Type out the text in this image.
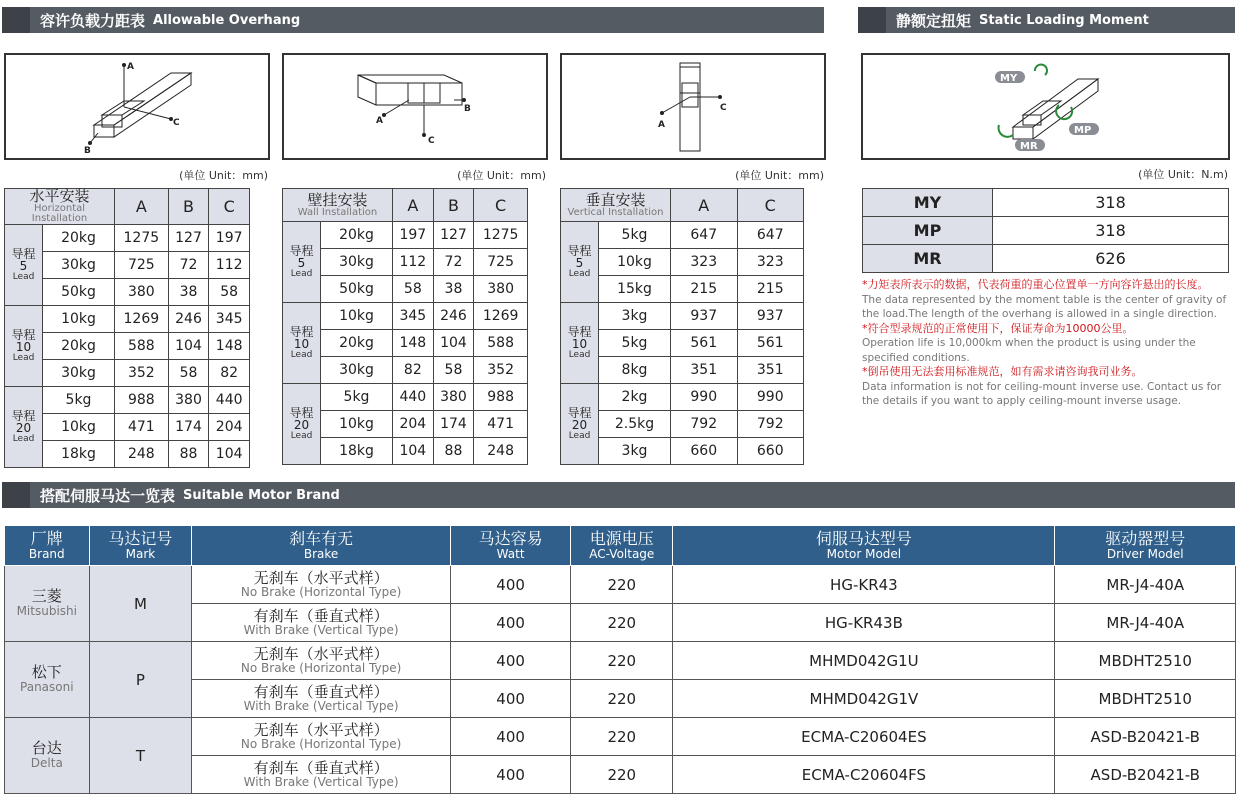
容许负载力距表 Allowable Overhang	静额定扭矩 Static Loading Moment
搭配伺服马达一览表 Suitable Motor Brand
A
C
B
A
C
B
A
C
MY
MP
MR
(单位 Unit：mm)	(单位 Unit：mm)	(单位 Unit：mm)	(单位 Unit：N.m)
水平安装
Horizontal Installation		A	B	C

导程
5
Lead	20kg	1275	127	197
	30kg	725	72	112
	50kg	380	38	58

导程
10
Lead	10kg	1269	246	345
	20kg	588	104	148
	30kg	352	58	82

导程
20
Lead	5kg	988	380	440
	10kg	471	174	204
	18kg	248	88	104
壁挂安装
Wall Installation		A	B	C

导程
5
Lead	20kg	197	127	1275
	30kg	112	72	725
	50kg	58	38	380

导程
10
Lead	10kg	345	246	1269
	20kg	148	104	588
	30kg	82	58	352

导程
20
Lead	5kg	440	380	988
	10kg	204	174	471
	18kg	104	88	248
垂直安装
Vertical Installation		A	C

导程
5
Lead	5kg	647	647
	10kg	323	323
	15kg	215	215

导程
10
Lead	3kg	937	937
	5kg	561	561
	8kg	351	351

导程
20
Lead	2kg	990	990
	2.5kg	792	792
	3kg	660	660
MY	318
MP	318
MR	626
*力矩表所表示的数据，代表荷重的重心位置单一方向容许悬出的长度。
The data represented by the moment table is the center of gravity of the load.The length of the overhang is allowed in a single direction.
*符合型录规范的正常使用下，保证寿命为10000公里。
Operation life is 10,000km when the product is using under the specified conditions.
*倒吊使用无法套用标准规范，如有需求请咨询我司业务。
Data information is not for ceiling-mount inverse use. Contact us for the details if you want to apply ceiling-mount inverse usage.
厂牌
Brand	马达记号
Mark	刹车有无
Brake	马达容易
Watt	电源电压
AC-Voltage	伺服马达型号
Motor Model	驱动器型号
Driver Model

三菱
Mitsubishi	M	无刹车（水平式样）
No Brake (Horizontal Type)	400	220	HG-KR43	MR-J4-40A

		有刹车（垂直式样）
With Brake (Vertical Type)	400	220	HG-KR43B	MR-J4-40A

松下
Panasoni	P	无刹车（水平式样）
No Brake (Horizontal Type)	400	220	MHMD042G1U	MBDHT2510

		有刹车（垂直式样）
With Brake (Vertical Type)	400	220	MHMD042G1V	MBDHT2510

台达
Delta	T	无刹车（水平式样）
No Brake (Horizontal Type)	400	220	ECMA-C20604ES	ASD-B20421-B

		有刹车（垂直式样）
With Brake (Vertical Type)	400	220	ECMA-C20604FS	ASD-B20421-B
